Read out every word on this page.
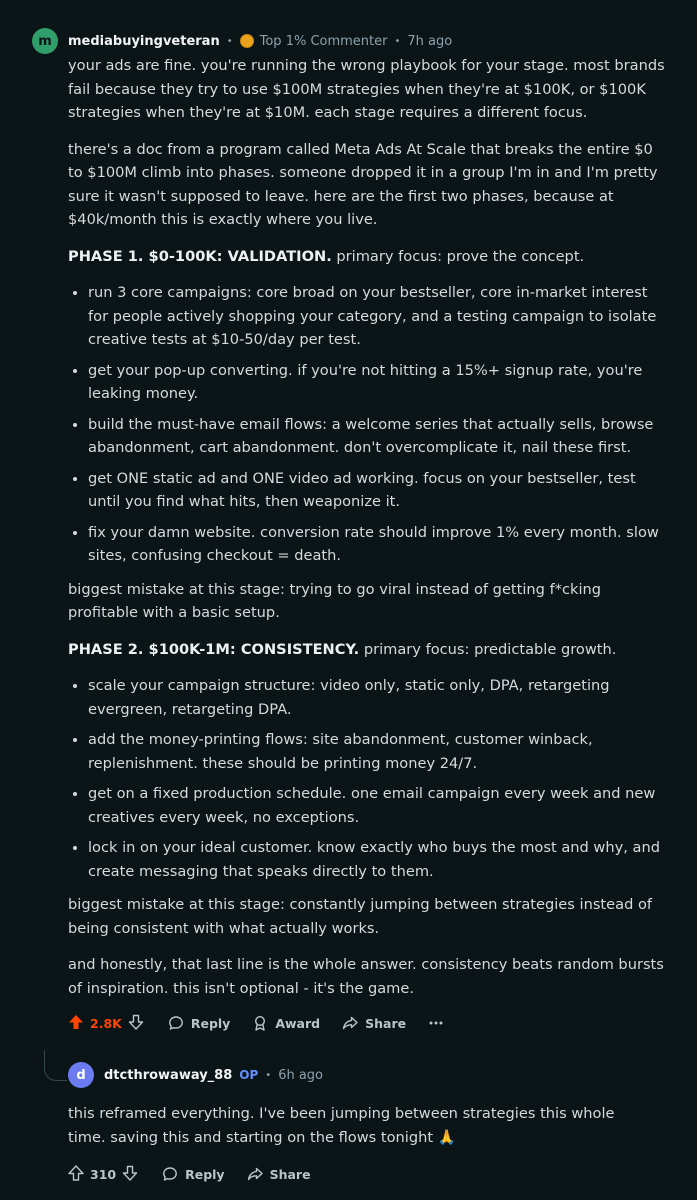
m mediabuyingveteran • Top 1% Commenter • 7h ago

your ads are fine. you're running the wrong playbook for your stage. most brands fail because they try to use $100M strategies when they're at $100K, or $100K strategies when they're at $10M. each stage requires a different focus.

there's a doc from a program called Meta Ads At Scale that breaks the entire $0 to $100M climb into phases. someone dropped it in a group I'm in and I'm pretty sure it wasn't supposed to leave. here are the first two phases, because at $40k/month this is exactly where you live.

PHASE 1. $0-100K: VALIDATION. primary focus: prove the concept.

• run 3 core campaigns: core broad on your bestseller, core in-market interest for people actively shopping your category, and a testing campaign to isolate creative tests at $10-50/day per test.
• get your pop-up converting. if you're not hitting a 15%+ signup rate, you're leaking money.
• build the must-have email flows: a welcome series that actually sells, browse abandonment, cart abandonment. don't overcomplicate it, nail these first.
• get ONE static ad and ONE video ad working. focus on your bestseller, test until you find what hits, then weaponize it.
• fix your damn website. conversion rate should improve 1% every month. slow sites, confusing checkout = death.

biggest mistake at this stage: trying to go viral instead of getting f*cking profitable with a basic setup.

PHASE 2. $100K-1M: CONSISTENCY. primary focus: predictable growth.

• scale your campaign structure: video only, static only, DPA, retargeting evergreen, retargeting DPA.
• add the money-printing flows: site abandonment, customer winback, replenishment. these should be printing money 24/7.
• get on a fixed production schedule. one email campaign every week and new creatives every week, no exceptions.
• lock in on your ideal customer. know exactly who buys the most and why, and create messaging that speaks directly to them.

biggest mistake at this stage: constantly jumping between strategies instead of being consistent with what actually works.

and honestly, that last line is the whole answer. consistency beats random bursts of inspiration. this isn't optional - it's the game.

2.8K	Reply	Award	Share
d dtcthrowaway_88 OP • 6h ago

this reframed everything. I've been jumping between strategies this whole time. saving this and starting on the flows tonight 🙏

310	Reply	Share
